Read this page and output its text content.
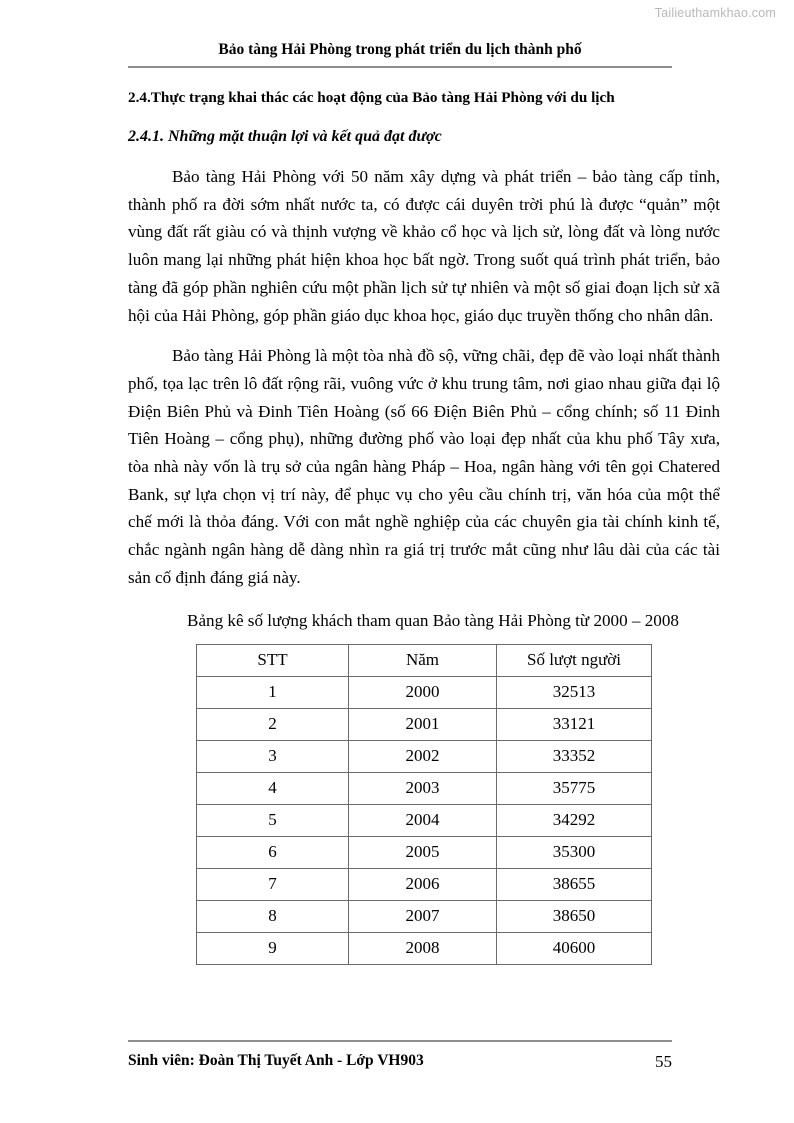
Tailieuthamkhao.com
Bảo tàng Hải Phòng trong phát triển du lịch thành phố
2.4.Thực trạng khai thác các hoạt động của Bảo tàng Hải Phòng với du lịch
2.4.1. Những mặt thuận lợi và kết quả đạt được

Bảo tàng Hải Phòng với 50 năm xây dựng và phát triển – bảo tàng cấp tỉnh, thành phố ra đời sớm nhất nước ta, có được cái duyên trời phú là được “quản” một vùng đất rất giàu có và thịnh vượng về khảo cổ học và lịch sử, lòng đất và lòng nước luôn mang lại những phát hiện khoa học bất ngờ. Trong suốt quá trình phát triển, bảo tàng đã góp phần nghiên cứu một phần lịch sử tự nhiên và một số giai đoạn lịch sử xã hội của Hải Phòng, góp phần giáo dục khoa học, giáo dục truyền thống cho nhân dân.

Bảo tàng Hải Phòng là một tòa nhà đồ sộ, vững chãi, đẹp đẽ vào loại nhất thành phố, tọa lạc trên lô đất rộng rãi, vuông vức ở khu trung tâm, nơi giao nhau giữa đại lộ Điện Biên Phủ và Đinh Tiên Hoàng (số 66 Điện Biên Phủ – cổng chính; số 11 Đinh Tiên Hoàng – cổng phụ), những đường phố vào loại đẹp nhất của khu phố Tây xưa, tòa nhà này vốn là trụ sở của ngân hàng Pháp – Hoa, ngân hàng với tên gọi Chatered Bank, sự lựa chọn vị trí này, để phục vụ cho yêu cầu chính trị, văn hóa của một thể chế mới là thỏa đáng. Với con mắt nghề nghiệp của các chuyên gia tài chính kinh tế, chắc ngành ngân hàng dễ dàng nhìn ra giá trị trước mắt cũng như lâu dài của các tài sản cố định đáng giá này.

Bảng kê số lượng khách tham quan Bảo tàng Hải Phòng từ 2000 – 2008
STT	Năm	Số lượt người
1	2000	32513
2	2001	33121
3	2002	33352
4	2003	35775
5	2004	34292
6	2005	35300
7	2006	38655
8	2007	38650
9	2008	40600
Sinh viên: Đoàn Thị Tuyết Anh - Lớp VH903	55
